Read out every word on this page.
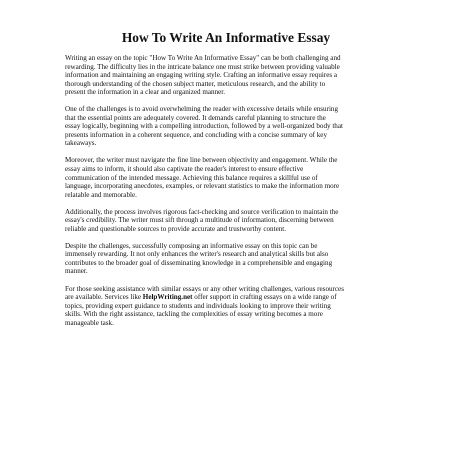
How To Write An Informative Essay

Writing an essay on the topic "How To Write An Informative Essay" can be both challenging and
rewarding. The difficulty lies in the intricate balance one must strike between providing valuable
information and maintaining an engaging writing style. Crafting an informative essay requires a
thorough understanding of the chosen subject matter, meticulous research, and the ability to
present the information in a clear and organized manner.

One of the challenges is to avoid overwhelming the reader with excessive details while ensuring
that the essential points are adequately covered. It demands careful planning to structure the
essay logically, beginning with a compelling introduction, followed by a well-organized body that
presents information in a coherent sequence, and concluding with a concise summary of key
takeaways.

Moreover, the writer must navigate the fine line between objectivity and engagement. While the
essay aims to inform, it should also captivate the reader's interest to ensure effective
communication of the intended message. Achieving this balance requires a skillful use of
language, incorporating anecdotes, examples, or relevant statistics to make the information more
relatable and memorable.

Additionally, the process involves rigorous fact-checking and source verification to maintain the
essay's credibility. The writer must sift through a multitude of information, discerning between
reliable and questionable sources to provide accurate and trustworthy content.

Despite the challenges, successfully composing an informative essay on this topic can be
immensely rewarding. It not only enhances the writer's research and analytical skills but also
contributes to the broader goal of disseminating knowledge in a comprehensible and engaging
manner.

For those seeking assistance with similar essays or any other writing challenges, various resources
are available. Services like HelpWriting.net offer support in crafting essays on a wide range of
topics, providing expert guidance to students and individuals looking to improve their writing
skills. With the right assistance, tackling the complexities of essay writing becomes a more
manageable task.
